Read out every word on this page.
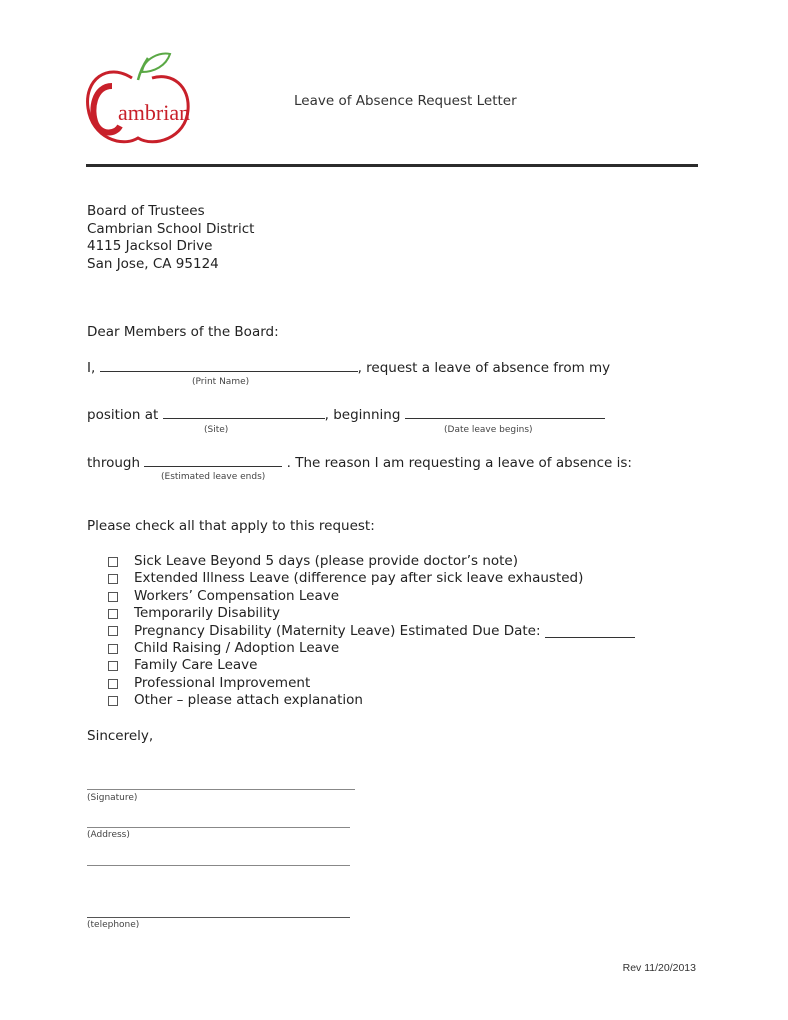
ambrian	Leave of Absence Request Letter
Board of Trustees
Cambrian School District
4115 Jacksol Drive
San Jose, CA 95124
Dear Members of the Board:
I,	, request a leave of absence from my
(Print Name)
position at	, beginning
(Site)	(Date leave begins)
through	. The reason I am requesting a leave of absence is:
(Estimated leave ends)
Please check all that apply to this request:
Sick Leave Beyond 5 days (please provide doctor’s note)
Extended Illness Leave (difference pay after sick leave exhausted)
Workers’ Compensation Leave
Temporarily Disability
Pregnancy Disability (Maternity Leave) Estimated Due Date:
Child Raising / Adoption Leave
Family Care Leave
Professional Improvement
Other – please attach explanation
Sincerely,
(Signature)
(Address)
(telephone)
Rev 11/20/2013
